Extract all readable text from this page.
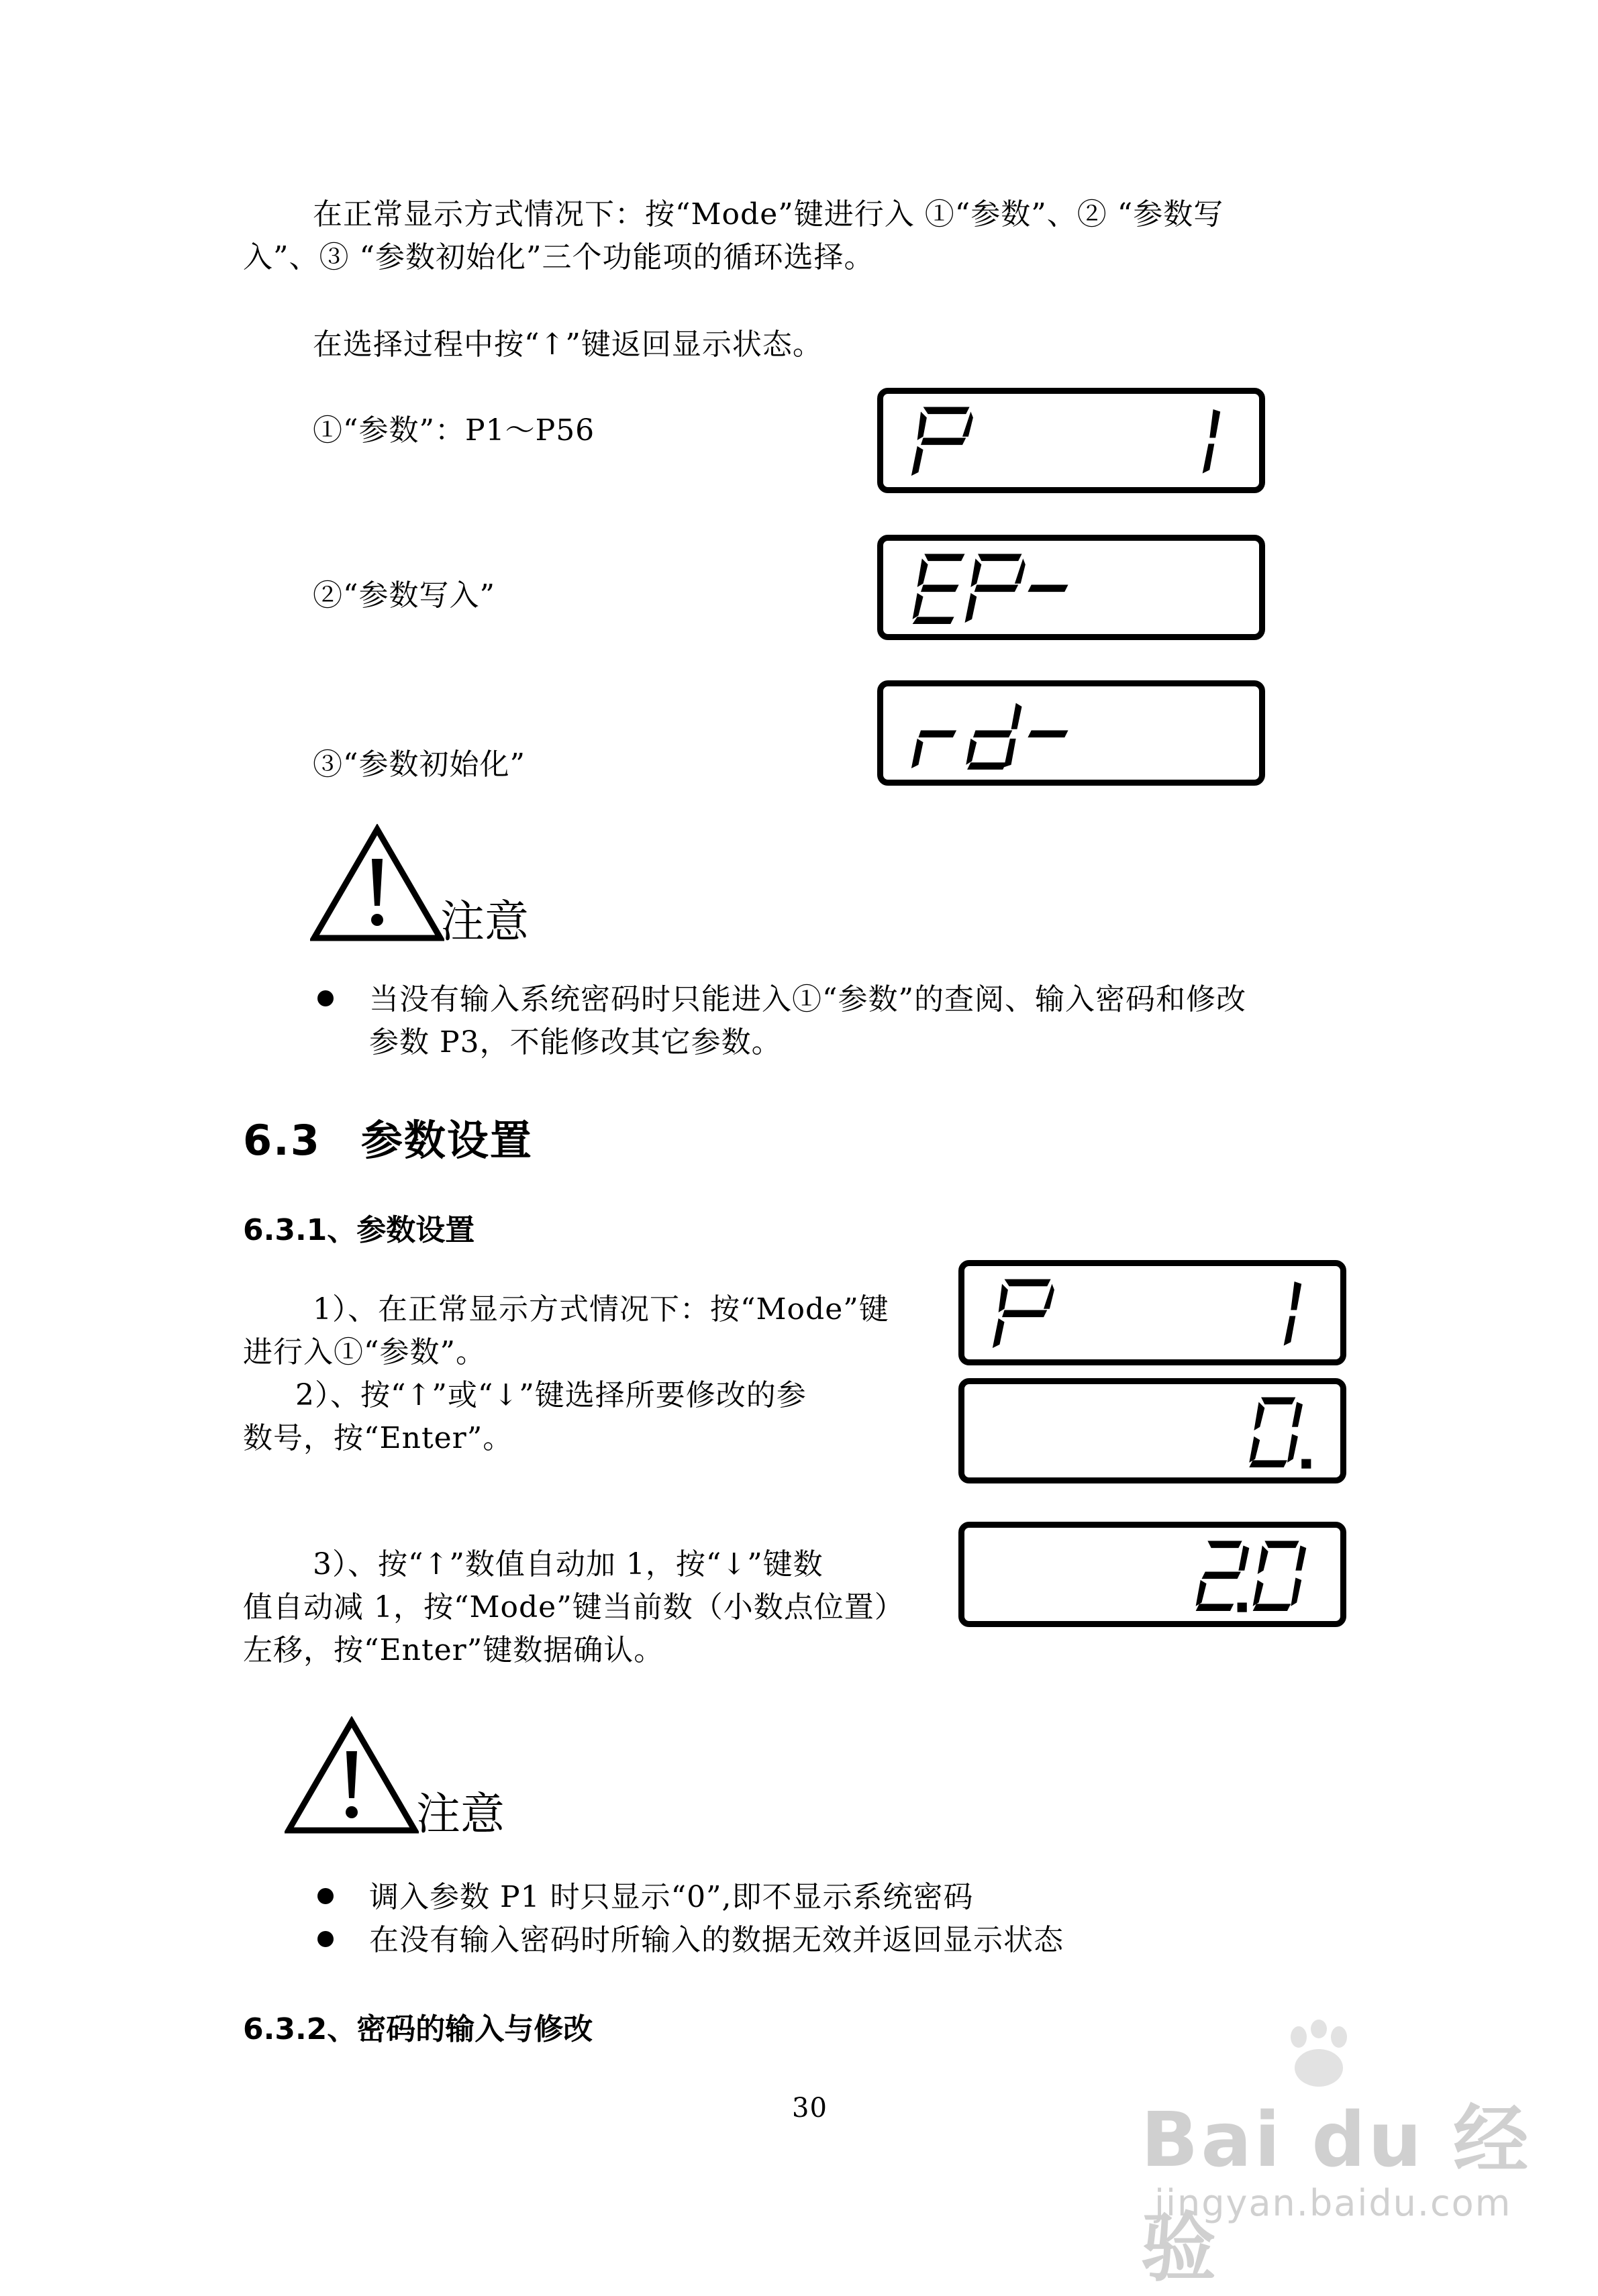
在正常显示方式情况下：按“Mode”键进行入 ①“参数”、② “参数写
入”、③ “参数初始化”三个功能项的循环选择。
在选择过程中按“↑”键返回显示状态。
①“参数”：P1～P56
②“参数写入”
③“参数初始化”
注意
当没有输入系统密码时只能进入①“参数”的查阅、输入密码和修改
参数 P3，不能修改其它参数。
6.3 参数设置
6.3.1、参数设置
1）、在正常显示方式情况下：按“Mode”键
进行入①“参数”。
2）、按“↑”或“↓”键选择所要修改的参
数号，按“Enter”。
3）、按“↑”数值自动加 1，按“↓”键数
值自动减 1，按“Mode”键当前数（小数点位置）
左移，按“Enter”键数据确认。
注意
调入参数 P1 时只显示“0”,即不显示系统密码
在没有输入密码时所输入的数据无效并返回显示状态
6.3.2、密码的输入与修改
30	Bai du 经验
jingyan.baidu.com
